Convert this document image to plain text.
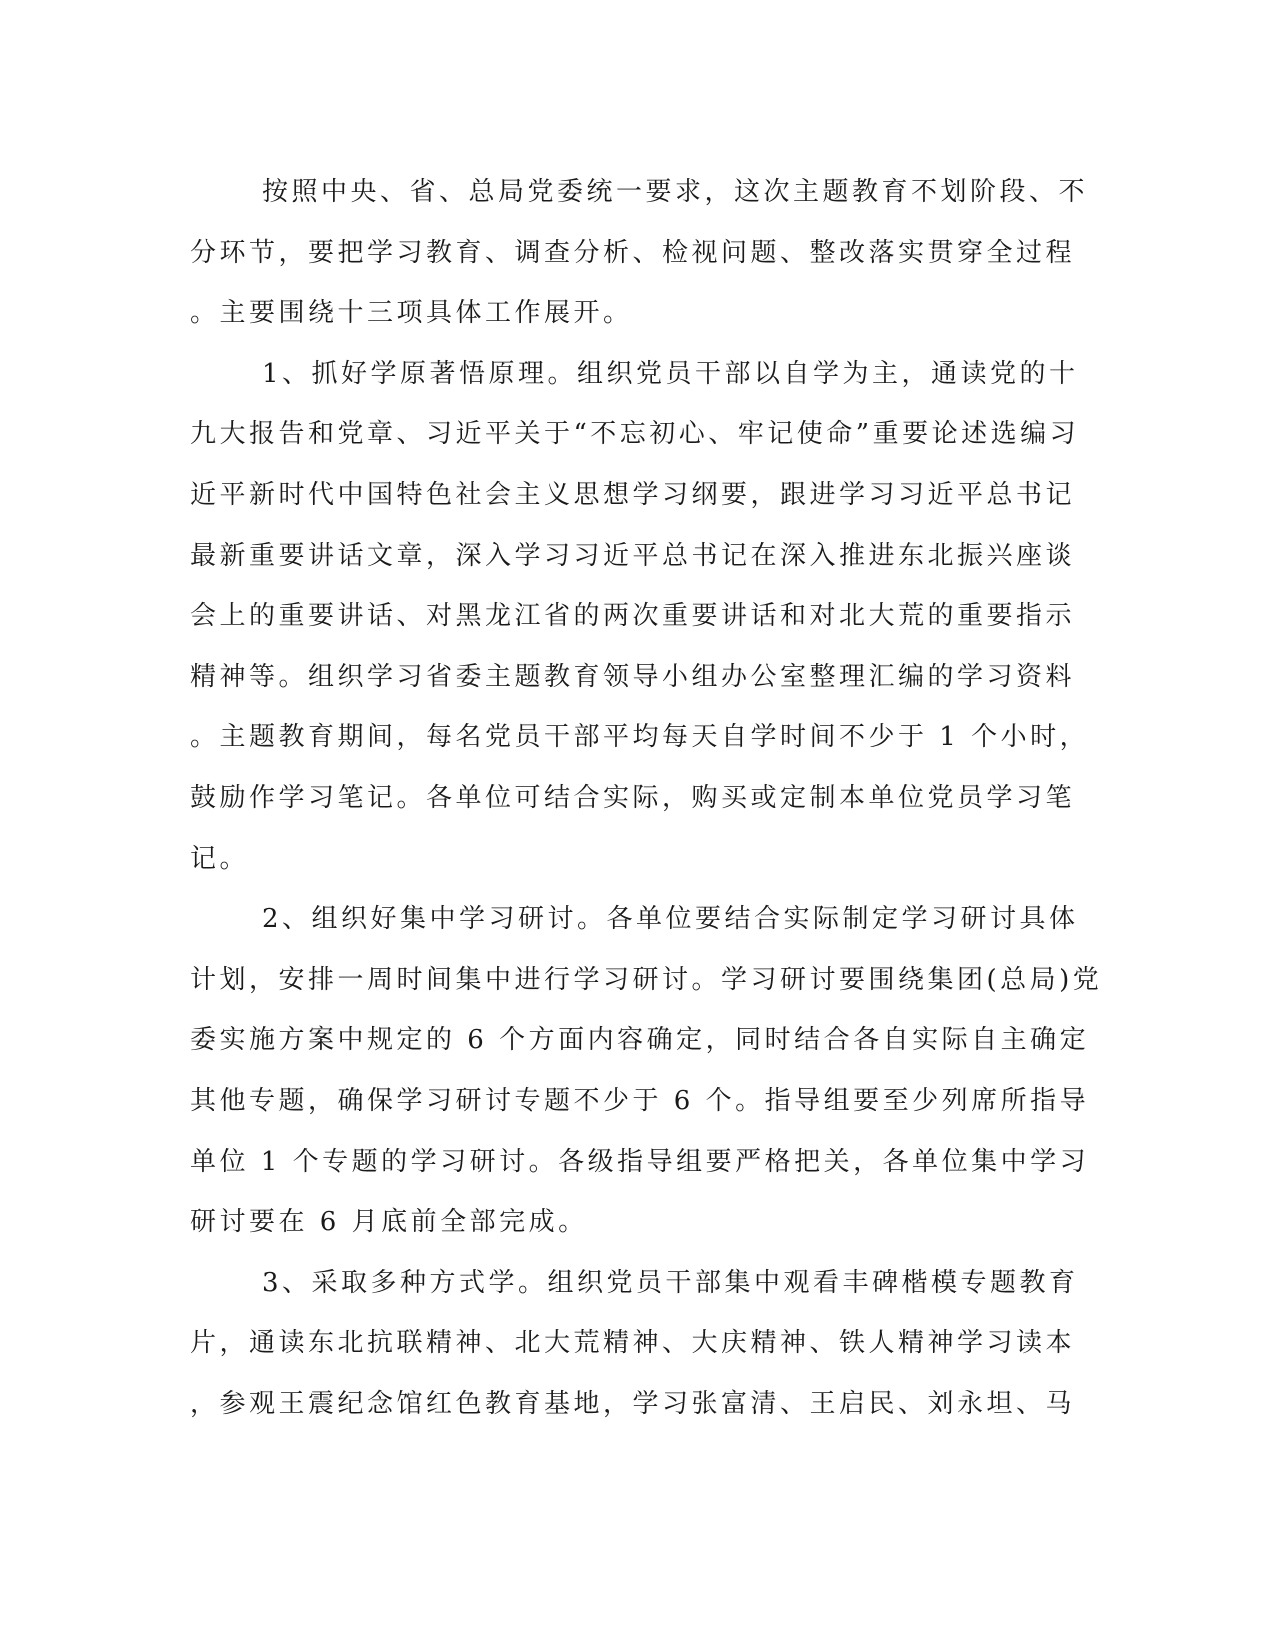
按照中央、省、总局党委统一要求，这次主题教育不划阶段、不
分环节，要把学习教育、调查分析、检视问题、整改落实贯穿全过程
。主要围绕十三项具体工作展开。
1、抓好学原著悟原理。组织党员干部以自学为主，通读党的十
九大报告和党章、习近平关于“不忘初心、牢记使命”重要论述选编习
近平新时代中国特色社会主义思想学习纲要，跟进学习习近平总书记
最新重要讲话文章，深入学习习近平总书记在深入推进东北振兴座谈
会上的重要讲话、对黑龙江省的两次重要讲话和对北大荒的重要指示
精神等。组织学习省委主题教育领导小组办公室整理汇编的学习资料
。主题教育期间，每名党员干部平均每天自学时间不少于 1 个小时，
鼓励作学习笔记。各单位可结合实际，购买或定制本单位党员学习笔
记。
2、组织好集中学习研讨。各单位要结合实际制定学习研讨具体
计划，安排一周时间集中进行学习研讨。学习研讨要围绕集团(总局)党
委实施方案中规定的 6 个方面内容确定，同时结合各自实际自主确定
其他专题，确保学习研讨专题不少于 6 个。指导组要至少列席所指导
单位 1 个专题的学习研讨。各级指导组要严格把关，各单位集中学习
研讨要在 6 月底前全部完成。
3、采取多种方式学。组织党员干部集中观看丰碑楷模专题教育
片，通读东北抗联精神、北大荒精神、大庆精神、铁人精神学习读本
，参观王震纪念馆红色教育基地，学习张富清、王启民、刘永坦、马
